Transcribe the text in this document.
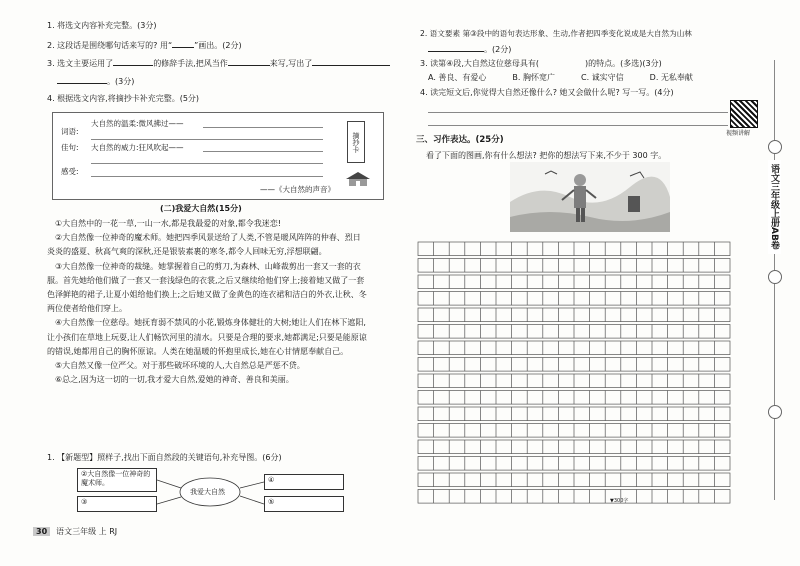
1. 将选文内容补充完整。(3分)
2. 这段话是围绕哪句话来写的? 用“	”画出。(2分)
3. 选文主要运用了	的修辞手法,把风当作	来写,写出了
。(3分)
4. 根据选文内容,将摘抄卡补充完整。(5分)
词语:
佳句:
大自然的温柔:微风拂过——
大自然的威力:狂风吹起——
感受:
摘抄卡
——《大自然的声音》
(二)我爱大自然(15分)

①大自然中的一花一草,一山一水,都是我最爱的对象,都令我迷恋!

②大自然像一位神奇的魔术师。她把四季风景送给了人类,不管是暖风阵阵的仲春、烈日炎炎的盛夏、秋高气爽的深秋,还是银装素裹的寒冬,都令人回味无穷,浮想联翩。

③大自然像一位神奇的裁缝。她掌握着自己的剪刀,为森林、山峰裁剪出一套又一套的衣服。首先她给他们做了一套又一套浅绿色的衣裳,之后又继续给他们穿上;接着她又做了一套色泽鲜艳的裙子,让夏小姐给他们换上;之后她又做了金黄色的连衣裙和洁白的外衣,让秋、冬两位使者给他们穿上。

④大自然像一位慈母。她抚育弱不禁风的小花,锻炼身体健壮的大树;她让人们在林下遮阳,让小孩们在草地上玩耍,让人们畅饮河里的清水。只要是合理的要求,她都满足;只要是能原谅的错误,她都用自己的胸怀原谅。人类在她温暖的怀抱里成长,她在心甘情愿奉献自己。

⑤大自然又像一位严父。对于那些破坏环境的人,大自然总是严惩不贷。

⑥总之,因为这一切的一切,我才爱大自然,爱她的神奇、善良和美丽。

1. 【新题型】照样子,找出下面自然段的关键语句,补充导图。(6分)
②大自然像一位神奇的魔术师。
③
④
⑤
我爱大自然
30 语文三年级 上 RJ
2. 语文要素 第③段中的语句表达形象、生动,作者把四季变化说成是大自然为山林
。(2分)
3. 读第④段,大自然这位慈母具有(	)的特点。(多选)(3分)
A. 善良、有爱心	B. 胸怀宽广	C. 诚实守信	D. 无私奉献
4. 读完短文后,你觉得大自然还像什么? 她又会做什么呢? 写一写。(4分)
三、习作表达。(25分)
看了下面的图画,你有什么想法? 把你的想法写下来,不少于 300 字。
视频讲解
▼300字
语文三年级上册AB卷
